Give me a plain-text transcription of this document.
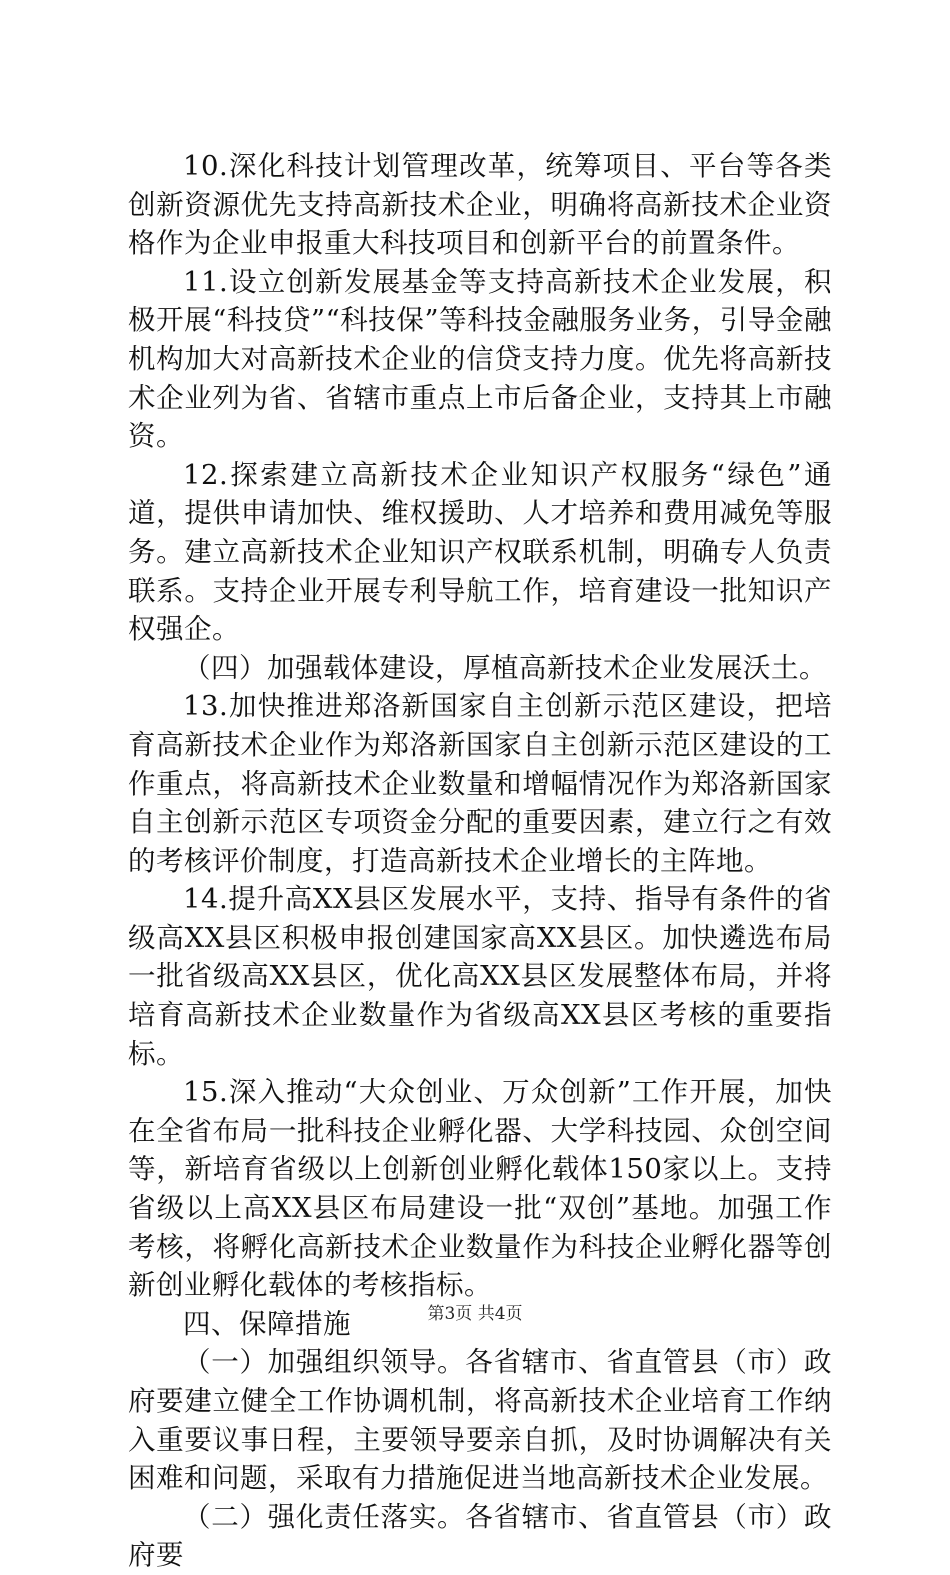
10.深化科技计划管理改革，统筹项目、平台等各类创新资源优先支持高新技术企业，明确将高新技术企业资格作为企业申报重大科技项目和创新平台的前置条件。

11.设立创新发展基金等支持高新技术企业发展，积极开展“科技贷”“科技保”等科技金融服务业务，引导金融机构加大对高新技术企业的信贷支持力度。优先将高新技术企业列为省、省辖市重点上市后备企业，支持其上市融资。

12.探索建立高新技术企业知识产权服务“绿色”通道，提供申请加快、维权援助、人才培养和费用减免等服务。建立高新技术企业知识产权联系机制，明确专人负责联系。支持企业开展专利导航工作，培育建设一批知识产权强企。

（四）加强载体建设，厚植高新技术企业发展沃土。

13.加快推进郑洛新国家自主创新示范区建设，把培育高新技术企业作为郑洛新国家自主创新示范区建设的工作重点，将高新技术企业数量和增幅情况作为郑洛新国家自主创新示范区专项资金分配的重要因素，建立行之有效的考核评价制度，打造高新技术企业增长的主阵地。

14.提升高XX县区发展水平，支持、指导有条件的省级高XX县区积极申报创建国家高XX县区。加快遴选布局一批省级高XX县区，优化高XX县区发展整体布局，并将培育高新技术企业数量作为省级高XX县区考核的重要指标。

15.深入推动“大众创业、万众创新”工作开展，加快在全省布局一批科技企业孵化器、大学科技园、众创空间等，新培育省级以上创新创业孵化载体150家以上。支持省级以上高XX县区布局建设一批“双创”基地。加强工作考核，将孵化高新技术企业数量作为科技企业孵化器等创新创业孵化载体的考核指标。

四、保障措施

（一）加强组织领导。各省辖市、省直管县（市）政府要建立健全工作协调机制，将高新技术企业培育工作纳入重要议事日程，主要领导要亲自抓，及时协调解决有关困难和问题，采取有力措施促进当地高新技术企业发展。

（二）强化责任落实。各省辖市、省直管县（市）政府要

第3页 共4页
